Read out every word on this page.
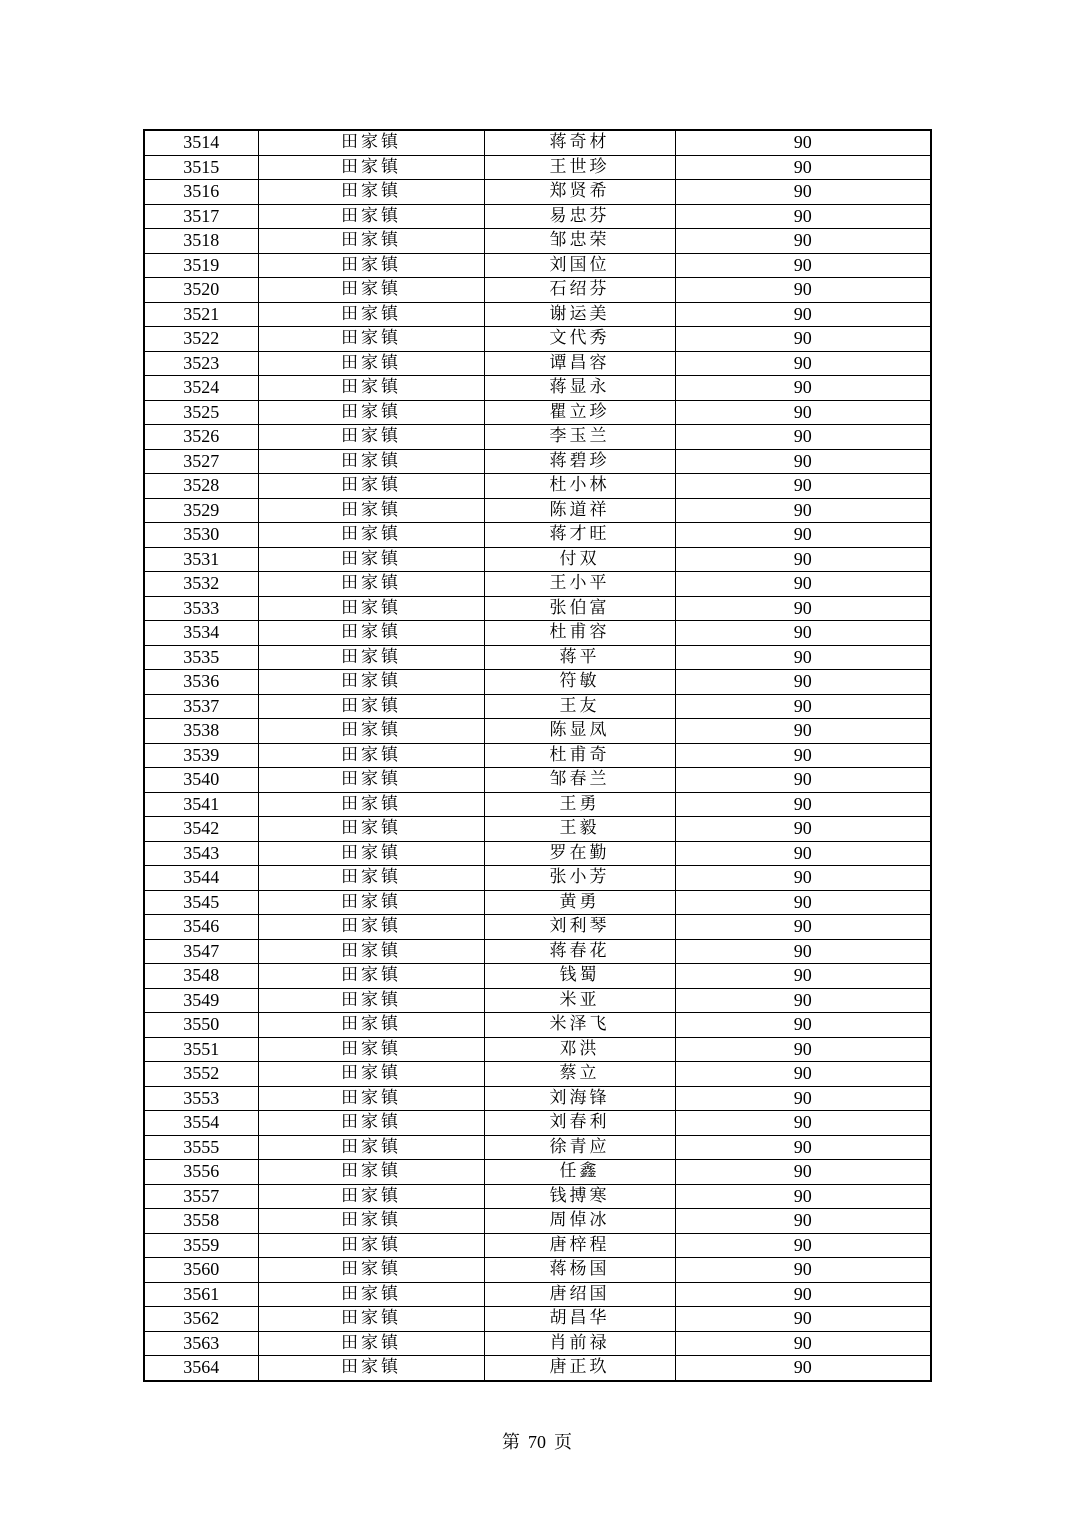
3514	田家镇	蒋奇材	90
3515	田家镇	王世珍	90
3516	田家镇	郑贤希	90
3517	田家镇	易忠芬	90
3518	田家镇	邹忠荣	90
3519	田家镇	刘国位	90
3520	田家镇	石绍芬	90
3521	田家镇	谢运美	90
3522	田家镇	文代秀	90
3523	田家镇	谭昌容	90
3524	田家镇	蒋显永	90
3525	田家镇	瞿立珍	90
3526	田家镇	李玉兰	90
3527	田家镇	蒋碧珍	90
3528	田家镇	杜小林	90
3529	田家镇	陈道祥	90
3530	田家镇	蒋才旺	90
3531	田家镇	付双	90
3532	田家镇	王小平	90
3533	田家镇	张伯富	90
3534	田家镇	杜甫容	90
3535	田家镇	蒋平	90
3536	田家镇	符敏	90
3537	田家镇	王友	90
3538	田家镇	陈显凤	90
3539	田家镇	杜甫奇	90
3540	田家镇	邹春兰	90
3541	田家镇	王勇	90
3542	田家镇	王毅	90
3543	田家镇	罗在勤	90
3544	田家镇	张小芳	90
3545	田家镇	黄勇	90
3546	田家镇	刘利琴	90
3547	田家镇	蒋春花	90
3548	田家镇	钱蜀	90
3549	田家镇	米亚	90
3550	田家镇	米泽飞	90
3551	田家镇	邓洪	90
3552	田家镇	蔡立	90
3553	田家镇	刘海锋	90
3554	田家镇	刘春利	90
3555	田家镇	徐青应	90
3556	田家镇	任鑫	90
3557	田家镇	钱搏寒	90
3558	田家镇	周倬冰	90
3559	田家镇	唐梓程	90
3560	田家镇	蒋杨国	90
3561	田家镇	唐绍国	90
3562	田家镇	胡昌华	90
3563	田家镇	肖前禄	90
3564	田家镇	唐正玖	90
第 70 页
